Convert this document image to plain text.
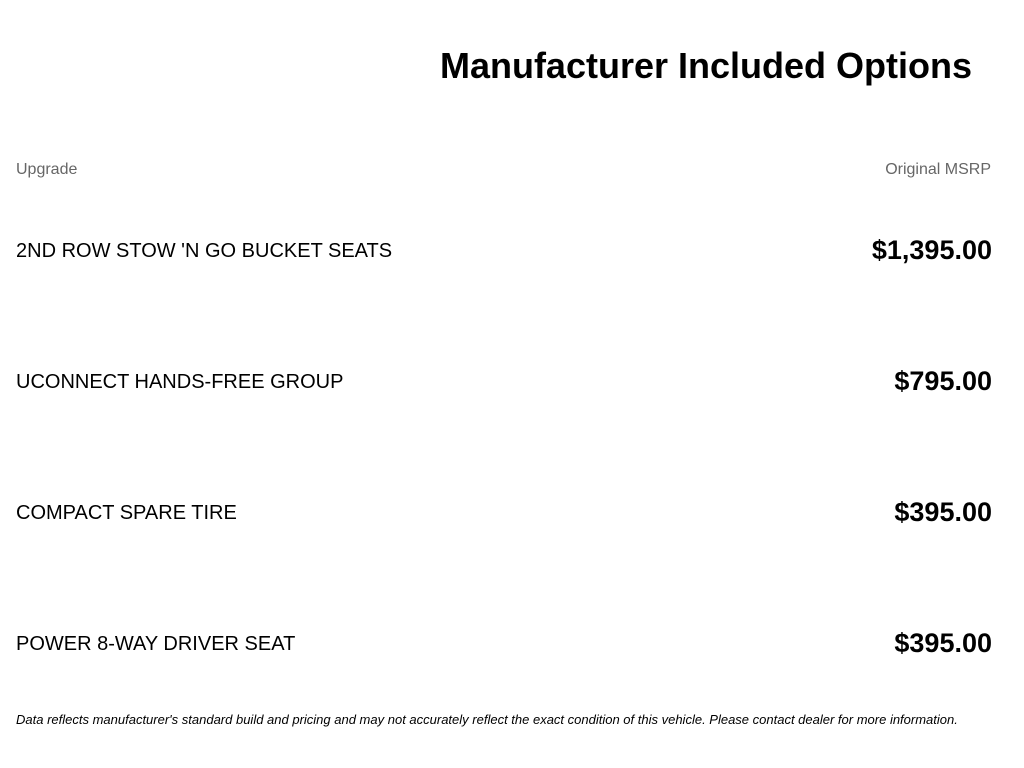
Manufacturer Included Options
Upgrade	Original MSRP
2ND ROW STOW 'N GO BUCKET SEATS	$1,395.00
UCONNECT HANDS-FREE GROUP	$795.00
COMPACT SPARE TIRE	$395.00
POWER 8-WAY DRIVER SEAT	$395.00

Data reflects manufacturer's standard build and pricing and may not accurately reflect the exact condition of this vehicle. Please contact dealer for more information.
